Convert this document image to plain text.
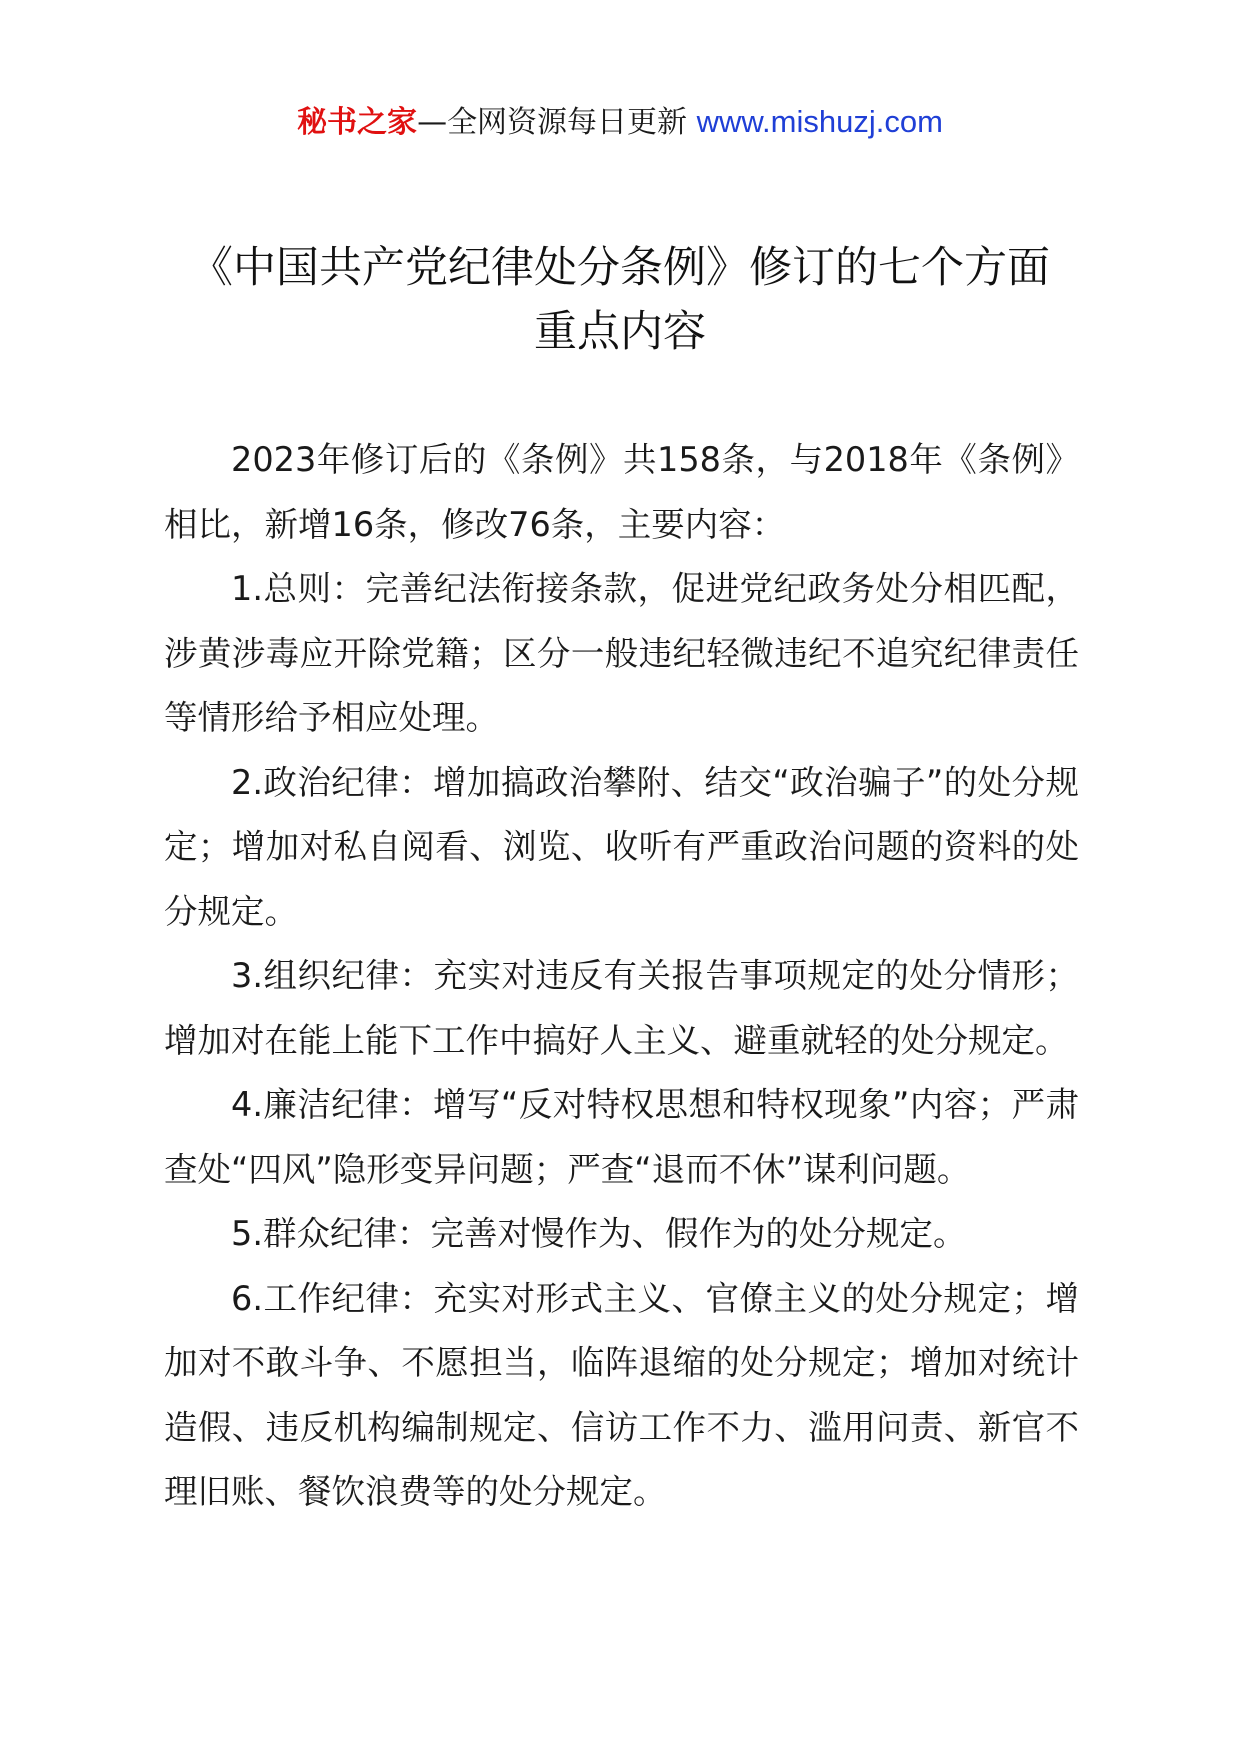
秘书之家—全网资源每日更新 www.mishuzj.com
《中国共产党纪律处分条例》修订的七个方面
重点内容

2023年修订后的《条例》共158条，与2018年《条例》相比，新增16条，修改76条，主要内容：

1.总则：完善纪法衔接条款，促进党纪政务处分相匹配，涉黄涉毒应开除党籍；区分一般违纪轻微违纪不追究纪律责任等情形给予相应处理。

2.政治纪律：增加搞政治攀附、结交“政治骗子”的处分规定；增加对私自阅看、浏览、收听有严重政治问题的资料的处分规定。

3.组织纪律：充实对违反有关报告事项规定的处分情形；增加对在能上能下工作中搞好人主义、避重就轻的处分规定。

4.廉洁纪律：增写“反对特权思想和特权现象”内容；严肃查处“四风”隐形变异问题；严查“退而不休”谋利问题。

5.群众纪律：完善对慢作为、假作为的处分规定。

6.工作纪律：充实对形式主义、官僚主义的处分规定；增加对不敢斗争、不愿担当，临阵退缩的处分规定；增加对统计造假、违反机构编制规定、信访工作不力、滥用问责、新官不理旧账、餐饮浪费等的处分规定。
